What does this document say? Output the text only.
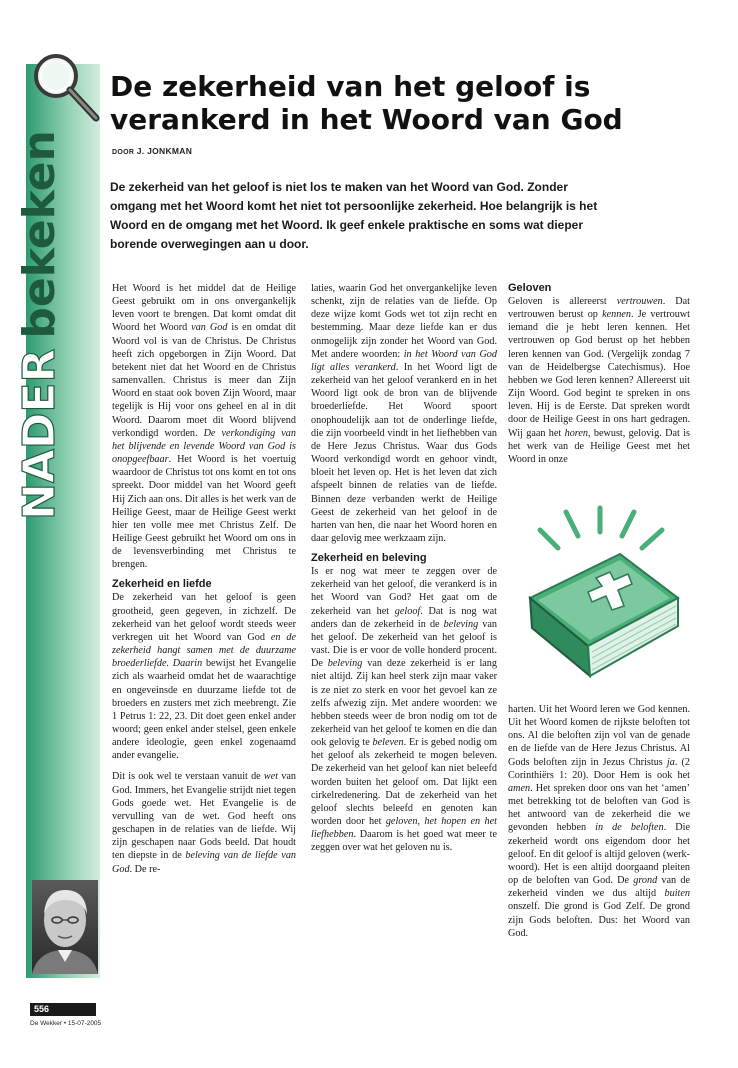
NADERbekeken
De zekerheid van het geloof is verankerd in het Woord van God
DOOR J. JONKMAN

De zekerheid van het geloof is niet los te maken van het Woord van God. Zonder omgang met het Woord komt het niet tot persoonlijke zekerheid. Hoe belangrijk is het Woord en de omgang met het Woord. Ik geef enkele praktische en soms wat dieper borende overwegingen aan u door.

Het Woord is het middel dat de Heilige Geest gebruikt om in ons onvergankelijk leven voort te brengen. Dat komt omdat dit Woord het Woord van God is en omdat dit Woord vol is van de Christus. De Christus heeft zich opgeborgen in Zijn Woord. Dat betekent niet dat het Woord en de Christus samenvallen. Christus is meer dan Zijn Woord en staat ook boven Zijn Woord, maar tegelijk is Hij voor ons geheel en al in dit Woord. Daarom moet dit Woord blijvend verkondigd worden. De verkondiging van het blijvende en levende Woord van God is onopgeefbaar. Het Woord is het voertuig waardoor de Christus tot ons komt en tot ons spreekt. Door middel van het Woord geeft Hij Zich aan ons. Dit alles is het werk van de Heilige Geest, maar de Heilige Geest werkt hier ten volle mee met Christus Zelf. De Heilige Geest gebruikt het Woord om ons in de levensverbinding met Christus te brengen.

Zekerheid en liefde

De zekerheid van het geloof is geen grootheid, geen gegeven, in zichzelf. De zekerheid van het geloof wordt steeds weer verkregen uit het Woord van God en de zekerheid hangt samen met de duurzame broederliefde. Daarin bewijst het Evangelie zich als waarheid omdat het de waarachtige en ongeveinsde en duurzame liefde tot de broeders en zusters met zich meebrengt. Zie 1 Petrus 1: 22, 23. Dit doet geen enkel ander woord; geen enkel ander stelsel, geen enkele andere ideologie, geen enkel zogenaamd ander evangelie.

Dit is ook wel te verstaan vanuit de wet van God. Immers, het Evangelie strijdt niet tegen Gods goede wet. Het Evangelie is de vervulling van de wet. God heeft ons geschapen in de relaties van de liefde. Wij zijn geschapen naar Gods beeld. Dat houdt ten diepste in de beleving van de liefde van God. De re-

laties, waarin God het onvergankelijke leven schenkt, zijn de relaties van de liefde. Op deze wijze komt Gods wet tot zijn recht en bestemming. Maar deze liefde kan er dus onmogelijk zijn zonder het Woord van God. Met andere woorden: in het Woord van God ligt alles verankerd. In het Woord ligt de zekerheid van het geloof verankerd en in het Woord ligt ook de bron van de blijvende broederliefde. Het Woord spoort onophoudelijk aan tot de onderlinge liefde, die zijn voorbeeld vindt in het liefhebben van de Here Jezus Christus. Waar dus Gods Woord verkondigd wordt en gehoor vindt, bloeit het leven op. Het is het leven dat zich afspeelt binnen de relaties van de liefde. Binnen deze verbanden werkt de Heilige Geest de zekerheid van het geloof in de harten van hen, die naar het Woord horen en daar gelovig mee werkzaam zijn.

Zekerheid en beleving

Is er nog wat meer te zeggen over de zekerheid van het geloof, die verankerd is in het Woord van God? Het gaat om de zekerheid van het geloof. Dat is nog wat anders dan de zekerheid in de beleving van het geloof. De zekerheid van het geloof is vast. Die is er voor de volle honderd procent. De beleving van deze zekerheid is er lang niet altijd. Zij kan heel sterk zijn maar vaker is ze niet zo sterk en voor het gevoel kan ze zelfs afwezig zijn. Met andere woorden: we hebben steeds weer de bron nodig om tot de zekerheid van het geloof te komen en die dan ook gelovig te beleven. Er is gebed nodig om het geloof als zekerheid te mogen beleven. De zekerheid van het geloof kan niet beleefd worden buiten het geloof om. Dat lijkt een cirkelredenering. Dat de zekerheid van het geloof slechts beleefd en genoten kan worden door het geloven, het hopen en het liefhebben. Daarom is het goed wat meer te zeggen over wat het geloven nu is.

Geloven

Geloven is allereerst vertrouwen. Dat vertrouwen berust op kennen. Je vertrouwt iemand die je hebt leren kennen. Het vertrouwen op God berust op het hebben leren kennen van God. (Vergelijk zondag 7 van de Heidelbergse Catechismus). Hoe hebben we God leren kennen? Allereerst uit Zijn Woord. God begint te spreken in ons leven. Hij is de Eerste. Dat spreken wordt door de Heilige Geest in ons hart gedragen. Wij gaan het horen, bewust, gelovig. Dat is het werk van de Heilige Geest met het Woord in onze

harten. Uit het Woord leren we God kennen. Uit het Woord komen de rijkste beloften tot ons. Al die beloften zijn vol van de genade en de liefde van de Here Jezus Christus. Al Gods beloften zijn in Jezus Christus ja. (2 Corinthiërs 1: 20). Door Hem is ook het amen. Het spreken door ons van het ‘amen’ met betrekking tot de beloften van God is het antwoord van de zekerheid die we gevonden hebben in de beloften. Die zekerheid wordt ons eigendom door het geloof. En dit geloof is altijd geloven (werk-woord). Het is een altijd doorgaand pleiten op de beloften van God. De grond van de zekerheid vinden we dus altijd buiten onszelf. Die grond is God Zelf. De grond zijn Gods beloften. Dus: het Woord van God.

556
De Wekker • 15-07-2005
